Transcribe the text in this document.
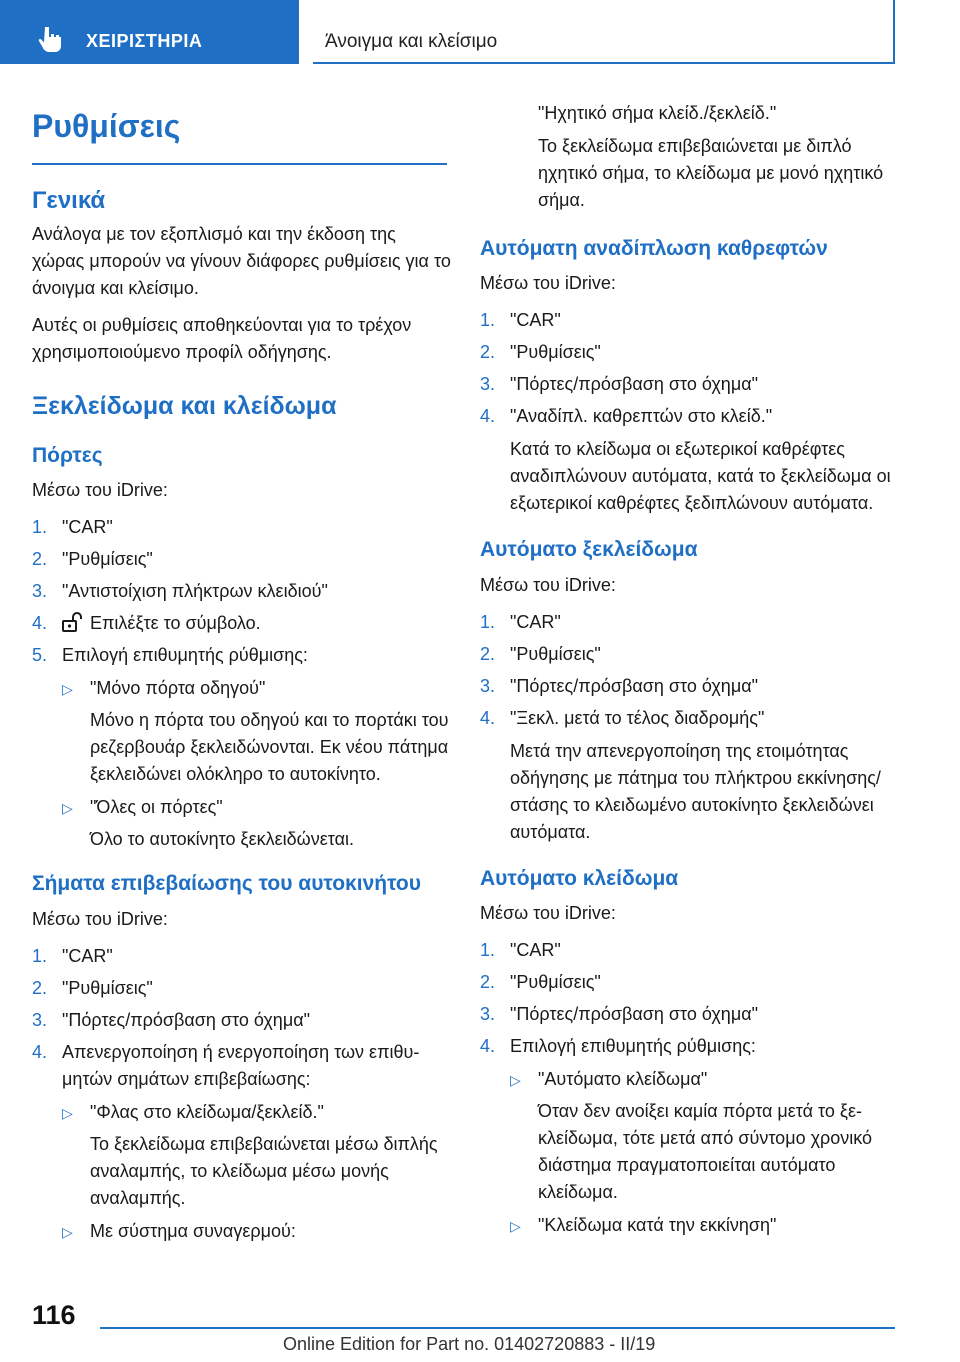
ΧΕΙΡΙΣΤΗΡΙΑ	Άνοιγμα και κλείσιμο
Ρυθμίσεις
Γενικά

Ανάλογα με τον εξοπλισμό και την έκδοση της χώρας μπορούν να γίνουν διάφορες ρυθμίσεις για το άνοιγμα και κλείσιμο.

Αυτές οι ρυθμίσεις αποθηκεύονται για το τρέχον χρησιμοποιούμενο προφίλ οδήγησης.

Ξεκλείδωμα και κλείδωμα
Πόρτες

Μέσω του iDrive:

1. "CAR"
2. "Ρυθμίσεις"
3. "Αντιστοίχιση πλήκτρων κλειδιού"
4. Επιλέξτε το σύμβολο.
5. Επιλογή επιθυμητής ρύθμισης:
▷ "Μόνο πόρτα οδηγού"
Μόνο η πόρτα του οδηγού και το πορτάκι του ρεζερβουάρ ξεκλειδώνονται. Εκ νέου πάτημα ξεκλειδώνει ολόκληρο το αυτοκίνητο.
▷ "Όλες οι πόρτες"
Όλο το αυτοκίνητο ξεκλειδώνεται.
Σήματα επιβεβαίωσης του αυτοκινήτου

Μέσω του iDrive:

1. "CAR"
2. "Ρυθμίσεις"
3. "Πόρτες/πρόσβαση στο όχημα"
4. Απενεργοποίηση ή ενεργοποίηση των επιθυμητών σημάτων επιβεβαίωσης:
▷ "Φλας στο κλείδωμα/ξεκλείδ."
Το ξεκλείδωμα επιβεβαιώνεται μέσω διπλής αναλαμπής, το κλείδωμα μέσω μονής αναλαμπής.
▷ Με σύστημα συναγερμού:

"Ηχητικό σήμα κλείδ./ξεκλείδ."

Το ξεκλείδωμα επιβεβαιώνεται με διπλό ηχητικό σήμα, το κλείδωμα με μονό ηχητικό σήμα.

Αυτόματη αναδίπλωση καθρεφτών

Μέσω του iDrive:

1. "CAR"
2. "Ρυθμίσεις"
3. "Πόρτες/πρόσβαση στο όχημα"
4. "Αναδίπλ. καθρεπτών στο κλείδ."
Κατά το κλείδωμα οι εξωτερικοί καθρέφτες αναδιπλώνουν αυτόματα, κατά το ξεκλείδωμα οι εξωτερικοί καθρέφτες ξεδιπλώνουν αυτόματα.
Αυτόματο ξεκλείδωμα

Μέσω του iDrive:

1. "CAR"
2. "Ρυθμίσεις"
3. "Πόρτες/πρόσβαση στο όχημα"
4. "Ξεκλ. μετά το τέλος διαδρομής"
Μετά την απενεργοποίηση της ετοιμότητας οδήγησης με πάτημα του πλήκτρου εκκίνησης/στάσης το κλειδωμένο αυτοκίνητο ξεκλειδώνει αυτόματα.
Αυτόματο κλείδωμα

Μέσω του iDrive:

1. "CAR"
2. "Ρυθμίσεις"
3. "Πόρτες/πρόσβαση στο όχημα"
4. Επιλογή επιθυμητής ρύθμισης:
▷ "Αυτόματο κλείδωμα"
Όταν δεν ανοίξει καμία πόρτα μετά το ξεκλείδωμα, τότε μετά από σύντομο χρονικό διάστημα πραγματοποιείται αυτόματο κλείδωμα.
▷ "Κλείδωμα κατά την εκκίνηση"
116
Online Edition for Part no. 01402720883 - II/19
